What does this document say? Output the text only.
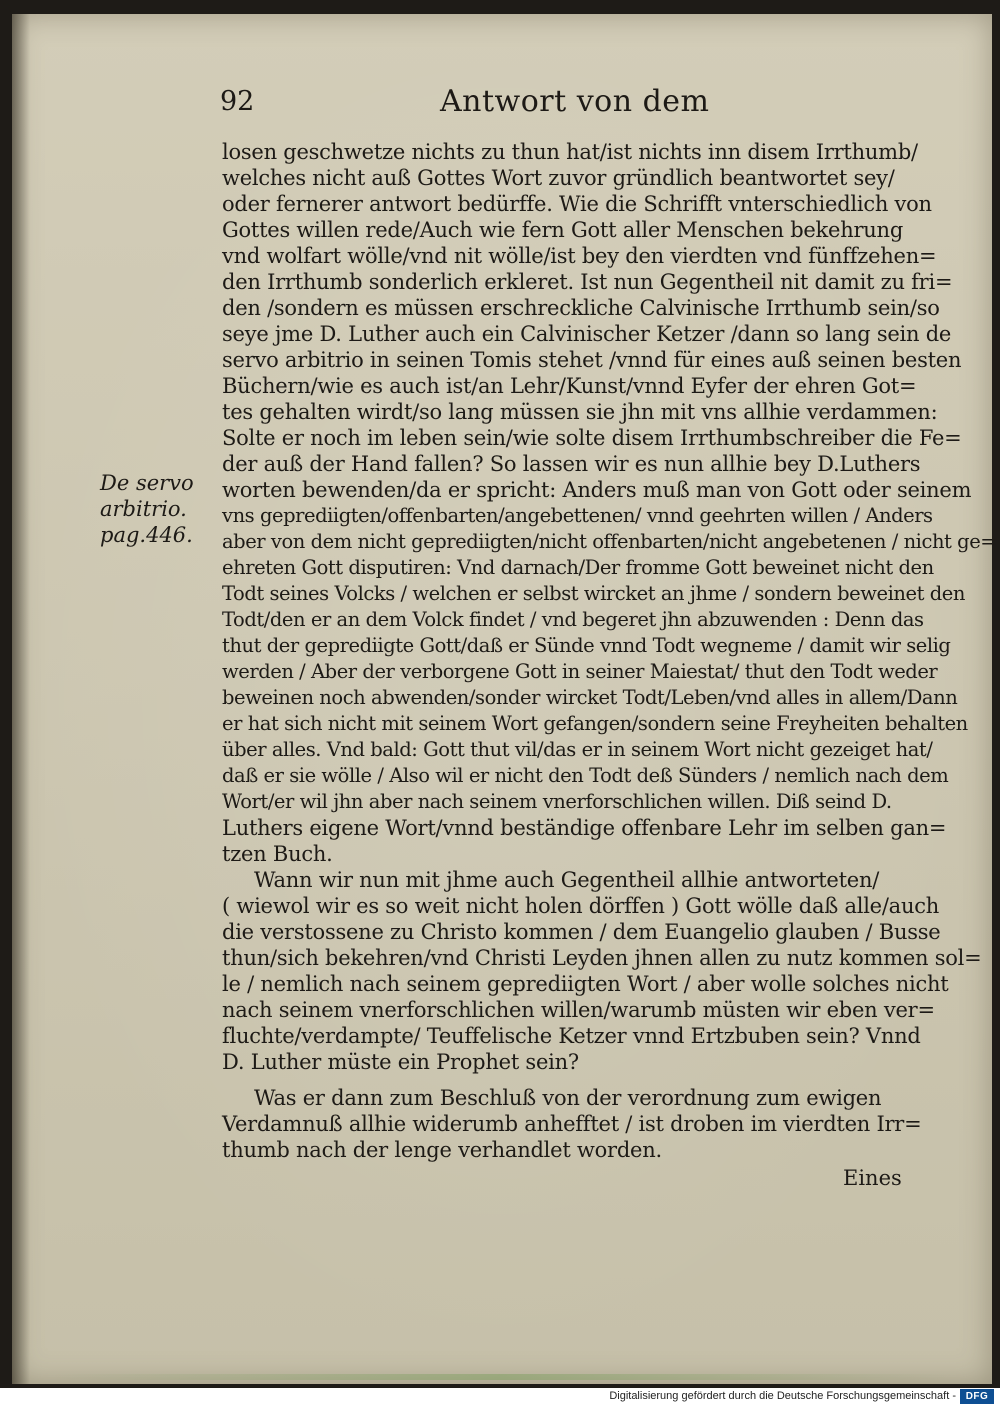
92	Antwort von dem
De servo
arbitrio.
pag.446.
losen geschwetze nichts zu thun hat/ist nichts inn disem Irrthumb/
welches nicht auß Gottes Wort zuvor gründlich beantwortet sey/
oder fernerer antwort bedürffe. Wie die Schrifft vnterschiedlich von
Gottes willen rede/Auch wie fern Gott aller Menschen bekehrung
vnd wolfart wölle/vnd nit wölle/ist bey den vierdten vnd fünffzehen=
den Irrthumb sonderlich erkleret. Ist nun Gegentheil nit damit zu fri=
den /sondern es müssen erschreckliche Calvinische Irrthumb sein/so
seye jme D. Luther auch ein Calvinischer Ketzer /dann so lang sein de
servo arbitrio in seinen Tomis stehet /vnnd für eines auß seinen besten
Büchern/wie es auch ist/an Lehr/Kunst/vnnd Eyfer der ehren Got=
tes gehalten wirdt/so lang müssen sie jhn mit vns allhie verdammen:
Solte er noch im leben sein/wie solte disem Irrthumbschreiber die Fe=
der auß der Hand fallen? So lassen wir es nun allhie bey D.Luthers
worten bewenden/da er spricht: Anders muß man von Gott oder seinem
vns geprediigten/offenbarten/angebettenen/ vnnd geehrten willen / Anders
aber von dem nicht geprediigten/nicht offenbarten/nicht angebetenen / nicht ge=
ehreten Gott disputiren: Vnd darnach/Der fromme Gott beweinet nicht den
Todt seines Volcks / welchen er selbst wircket an jhme / sondern beweinet den
Todt/den er an dem Volck findet / vnd begeret jhn abzuwenden : Denn das
thut der geprediigte Gott/daß er Sünde vnnd Todt wegneme / damit wir selig
werden / Aber der verborgene Gott in seiner Maiestat/ thut den Todt weder
beweinen noch abwenden/sonder wircket Todt/Leben/vnd alles in allem/Dann
er hat sich nicht mit seinem Wort gefangen/sondern seine Freyheiten behalten
über alles. Vnd bald: Gott thut vil/das er in seinem Wort nicht gezeiget hat/
daß er sie wölle / Also wil er nicht den Todt deß Sünders / nemlich nach dem
Wort/er wil jhn aber nach seinem vnerforschlichen willen. Diß seind D.
Luthers eigene Wort/vnnd beständige offenbare Lehr im selben gan=
tzen Buch.
Wann wir nun mit jhme auch Gegentheil allhie antworteten/
( wiewol wir es so weit nicht holen dörffen ) Gott wölle daß alle/auch
die verstossene zu Christo kommen / dem Euangelio glauben / Busse
thun/sich bekehren/vnd Christi Leyden jhnen allen zu nutz kommen sol=
le / nemlich nach seinem geprediigten Wort / aber wolle solches nicht
nach seinem vnerforschlichen willen/warumb müsten wir eben ver=
fluchte/verdampte/ Teuffelische Ketzer vnnd Ertzbuben sein? Vnnd
D. Luther müste ein Prophet sein?
Was er dann zum Beschluß von der verordnung zum ewigen
Verdamnuß allhie widerumb anhefftet / ist droben im vierdten Irr=
thumb nach der lenge verhandlet worden.
Eines
Digitalisierung gefördert durch die Deutsche Forschungsgemeinschaft - DFG
